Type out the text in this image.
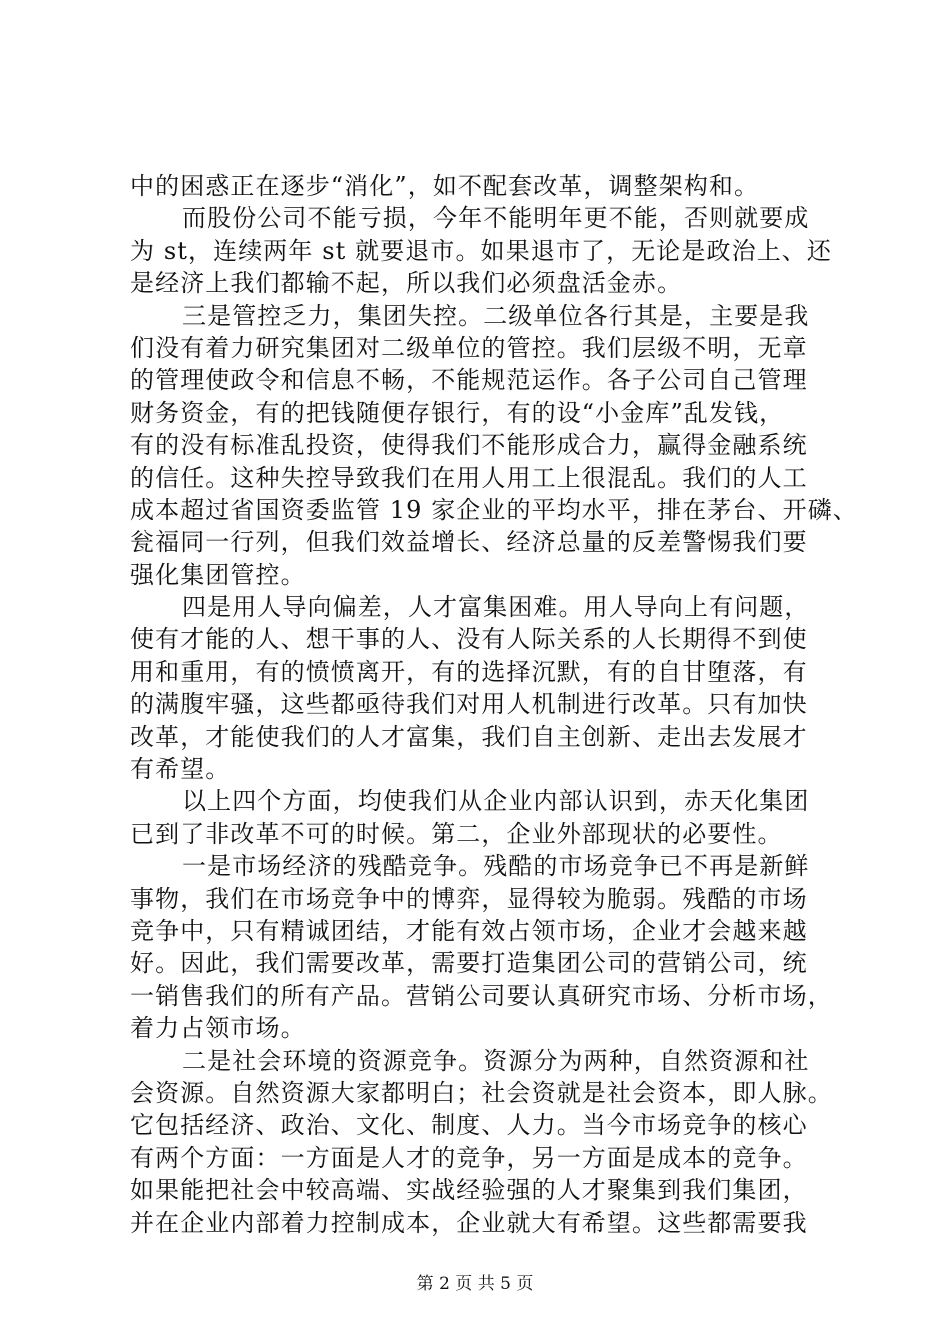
中的困惑正在逐步“消化”，如不配套改革，调整架构和。
而股份公司不能亏损，今年不能明年更不能，否则就要成
为 st，连续两年 st 就要退市。如果退市了，无论是政治上、还
是经济上我们都输不起，所以我们必须盘活金赤。
三是管控乏力，集团失控。二级单位各行其是，主要是我
们没有着力研究集团对二级单位的管控。我们层级不明，无章
的管理使政令和信息不畅，不能规范运作。各子公司自己管理
财务资金，有的把钱随便存银行，有的设“小金库”乱发钱，
有的没有标准乱投资，使得我们不能形成合力，赢得金融系统
的信任。这种失控导致我们在用人用工上很混乱。我们的人工
成本超过省国资委监管 19 家企业的平均水平，排在茅台、开磷、
瓮福同一行列，但我们效益增长、经济总量的反差警惕我们要
强化集团管控。
四是用人导向偏差，人才富集困难。用人导向上有问题，
使有才能的人、想干事的人、没有人际关系的人长期得不到使
用和重用，有的愤愤离开，有的选择沉默，有的自甘堕落，有
的满腹牢骚，这些都亟待我们对用人机制进行改革。只有加快
改革，才能使我们的人才富集，我们自主创新、走出去发展才
有希望。
以上四个方面，均使我们从企业内部认识到，赤天化集团
已到了非改革不可的时候。第二，企业外部现状的必要性。
一是市场经济的残酷竞争。残酷的市场竞争已不再是新鲜
事物，我们在市场竞争中的博弈，显得较为脆弱。残酷的市场
竞争中，只有精诚团结，才能有效占领市场，企业才会越来越
好。因此，我们需要改革，需要打造集团公司的营销公司，统
一销售我们的所有产品。营销公司要认真研究市场、分析市场，
着力占领市场。
二是社会环境的资源竞争。资源分为两种，自然资源和社
会资源。自然资源大家都明白；社会资就是社会资本，即人脉。
它包括经济、政治、文化、制度、人力。当今市场竞争的核心
有两个方面：一方面是人才的竞争，另一方面是成本的竞争。
如果能把社会中较高端、实战经验强的人才聚集到我们集团，
并在企业内部着力控制成本，企业就大有希望。这些都需要我
第 2 页 共 5 页
